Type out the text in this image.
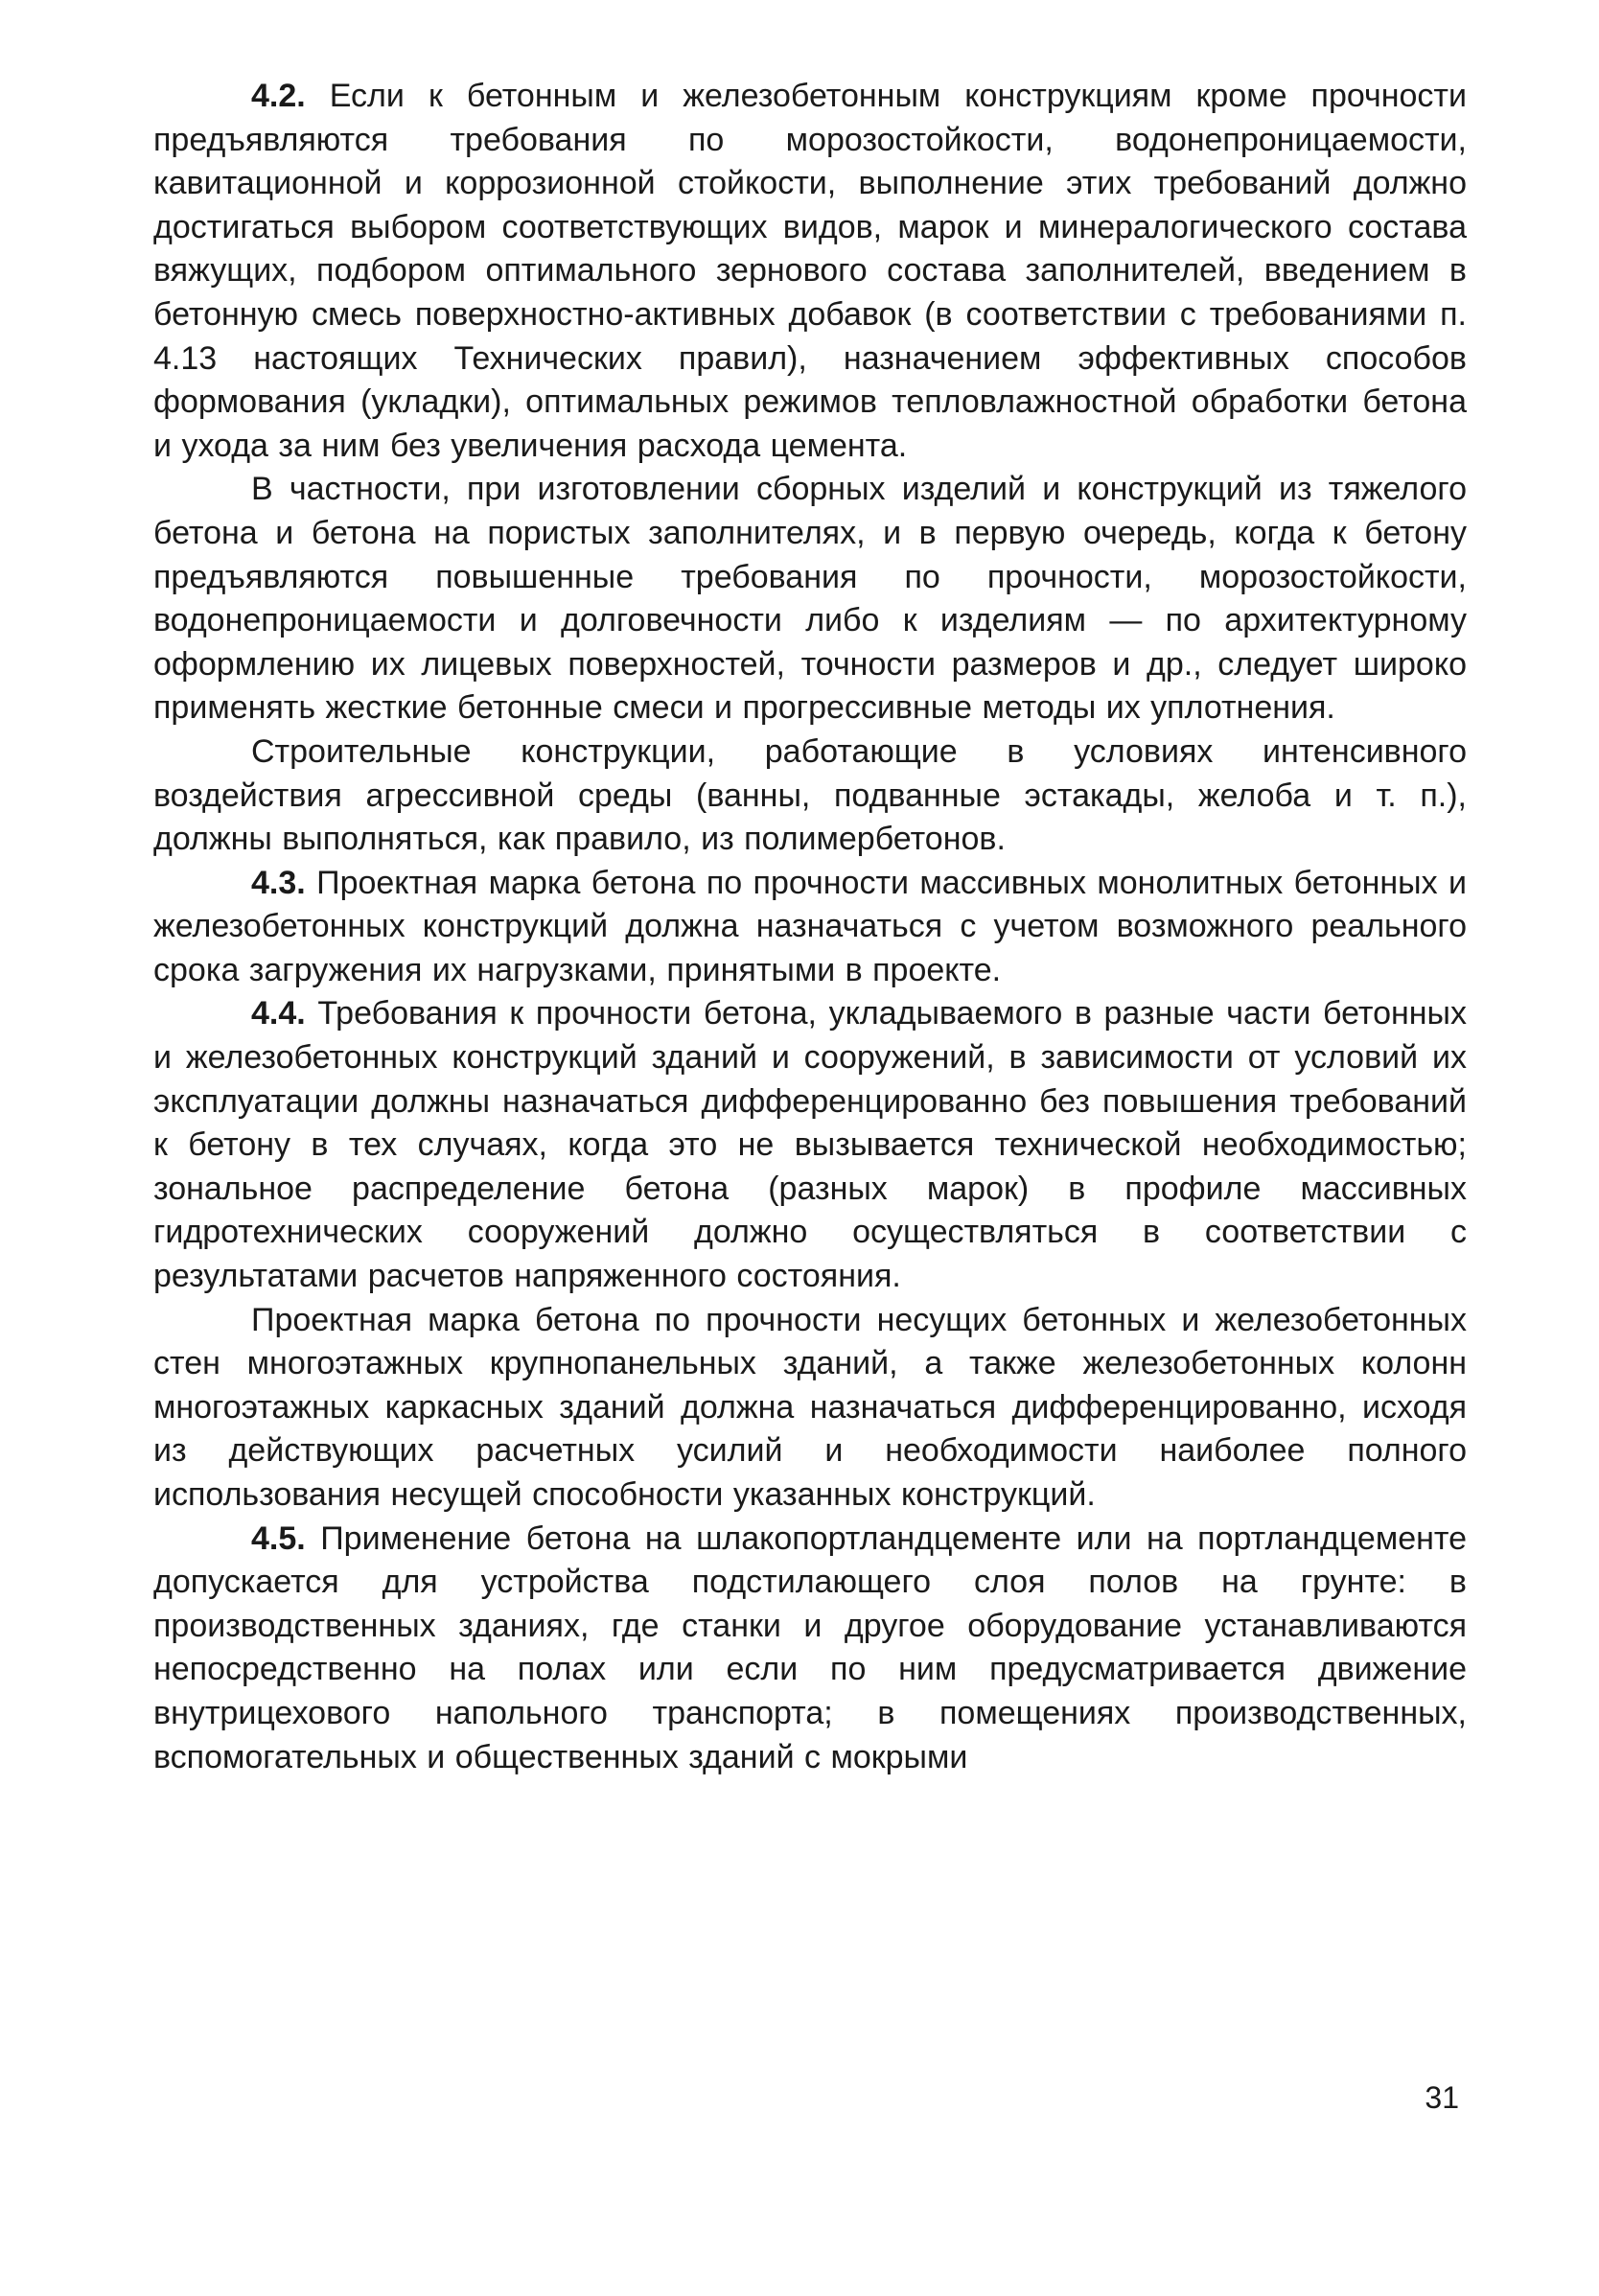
4.2. Если к бетонным и железобетонным конструкциям кроме прочности предъявляются требования по морозостойкости, водонепроницаемости, кавитационной и коррозионной стойкости, выполнение этих требований должно достигаться выбором соответствующих видов, марок и минералогического состава вяжущих, подбором оптимального зернового состава заполнителей, введением в бетонную смесь поверхностно-активных добавок (в соответствии с требованиями п. 4.13 настоящих Технических правил), назначением эффективных способов формования (укладки), оптимальных режимов тепловлажностной обработки бетона и ухода за ним без увеличения расхода цемента.

В частности, при изготовлении сборных изделий и конструкций из тяжелого бетона и бетона на пористых заполнителях, и в первую очередь, когда к бетону предъявляются повышенные требования по прочности, морозостойкости, водонепроницаемости и долговечности либо к изделиям — по архитектурному оформлению их лицевых поверхностей, точности размеров и др., следует широко применять жесткие бетонные смеси и прогрессивные методы их уплотнения.

Строительные конструкции, работающие в условиях интенсивного воздействия агрессивной среды (ванны, подванные эстакады, желоба и т. п.), должны выполняться, как правило, из полимербетонов.

4.3. Проектная марка бетона по прочности массивных монолитных бетонных и железобетонных конструкций должна назначаться с учетом возможного реального срока загружения их нагрузками, принятыми в проекте.

4.4. Требования к прочности бетона, укладываемого в разные части бетонных и железобетонных конструкций зданий и сооружений, в зависимости от условий их эксплуатации должны назначаться дифференцированно без повышения требований к бетону в тех случаях, когда это не вызывается технической необходимостью; зональное распределение бетона (разных марок) в профиле массивных гидротехнических сооружений должно осуществляться в соответствии с результатами расчетов напряженного состояния.

Проектная марка бетона по прочности несущих бетонных и железобетонных стен многоэтажных крупнопанельных зданий, а также железобетонных колонн многоэтажных каркасных зданий должна назначаться дифференцированно, исходя из действующих расчетных усилий и необходимости наиболее полного использования несущей способности указанных конструкций.

4.5. Применение бетона на шлакопортландцементе или на портландцементе допускается для устройства подстилающего слоя полов на грунте: в производственных зданиях, где станки и другое оборудование устанавливаются непосредственно на полах или если по ним предусматривается движение внутрицехового напольного транспорта; в помещениях производственных, вспомогательных и общественных зданий с мокрыми

31
